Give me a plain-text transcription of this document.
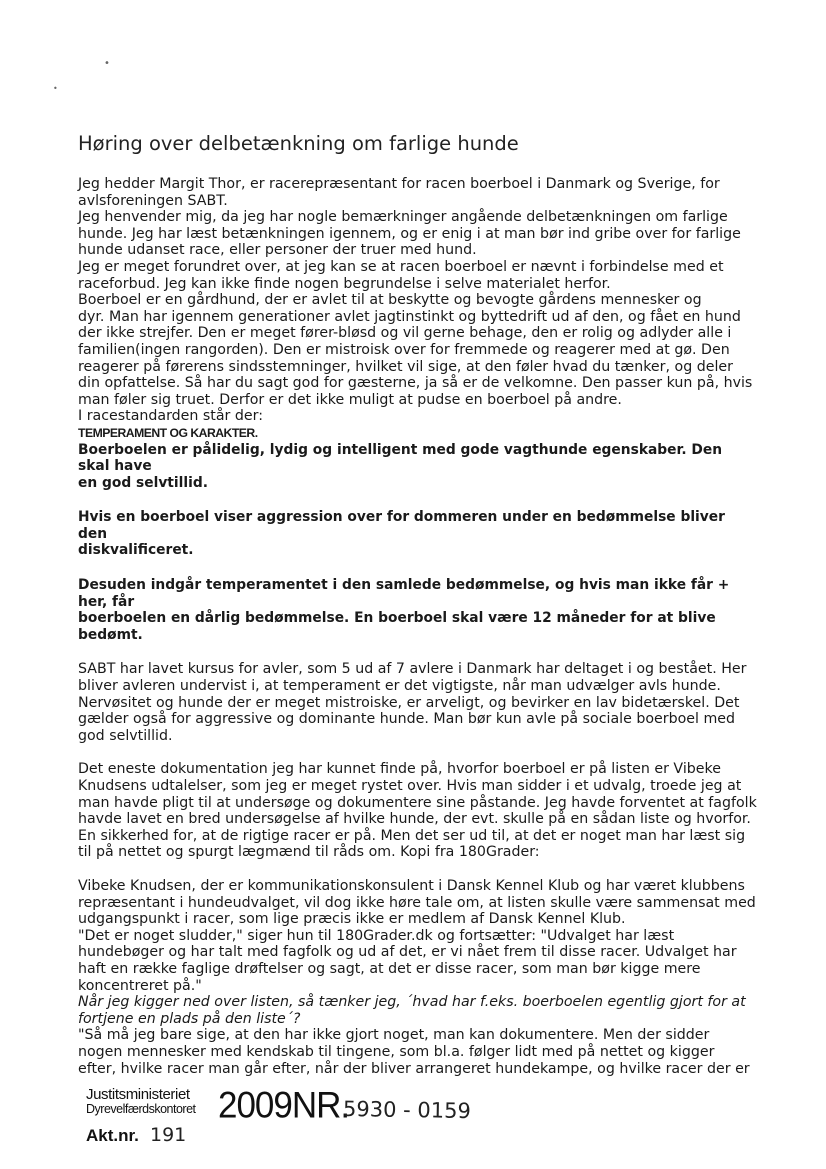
•
•
Høring over delbetænkning om farlige hunde

Jeg hedder Margit Thor, er racerepræsentant for racen boerboel i Danmark og Sverige, for

avlsforeningen SABT.

Jeg henvender mig, da jeg har nogle bemærkninger angående delbetænkningen om farlige

hunde. Jeg har læst betænkningen igennem, og er enig i at man bør ind gribe over for farlige

hunde udanset race, eller personer der truer med hund.

Jeg er meget forundret over, at jeg kan se at racen boerboel er nævnt i forbindelse med et

raceforbud. Jeg kan ikke finde nogen begrundelse i selve materialet herfor.

Boerboel er en gårdhund, der er avlet til at beskytte og bevogte gårdens mennesker og

dyr. Man har igennem generationer avlet jagtinstinkt og byttedrift ud af den, og fået en hund

der ikke strejfer. Den er meget fører-bløsd og vil gerne behage, den er rolig og adlyder alle i

familien(ingen rangorden). Den er mistroisk over for fremmede og reagerer med at gø. Den

reagerer på førerens sindsstemninger, hvilket vil sige, at den føler hvad du tænker, og deler

din opfattelse. Så har du sagt god for gæsterne, ja så er de velkomne. Den passer kun på, hvis

man føler sig truet. Derfor er det ikke muligt at pudse en boerboel på andre.

I racestandarden står der:

TEMPERAMENT OG KARAKTER.

Boerboelen er pålidelig, lydig og intelligent med gode vagthunde egenskaber. Den skal have

en god selvtillid.

Hvis en boerboel viser aggression over for dommeren under en bedømmelse bliver den

diskvalificeret.

Desuden indgår temperamentet i den samlede bedømmelse, og hvis man ikke får + her, får

boerboelen en dårlig bedømmelse. En boerboel skal være 12 måneder for at blive bedømt.

SABT har lavet kursus for avler, som 5 ud af 7 avlere i Danmark har deltaget i og bestået. Her

bliver avleren undervist i, at temperament er det vigtigste, når man udvælger avls hunde.

Nervøsitet og hunde der er meget mistroiske, er arveligt, og bevirker en lav bidetærskel. Det

gælder også for aggressive og dominante hunde. Man bør kun avle på sociale boerboel med

god selvtillid.

Det eneste dokumentation jeg har kunnet finde på, hvorfor boerboel er på listen er Vibeke

Knudsens udtalelser, som jeg er meget rystet over. Hvis man sidder i et udvalg, troede jeg at

man havde pligt til at undersøge og dokumentere sine påstande. Jeg havde forventet at fagfolk

havde lavet en bred undersøgelse af hvilke hunde, der evt. skulle på en sådan liste og hvorfor.

En sikkerhed for, at de rigtige racer er på. Men det ser ud til, at det er noget man har læst sig

til på nettet og spurgt lægmænd til råds om. Kopi fra 180Grader:

Vibeke Knudsen, der er kommunikationskonsulent i Dansk Kennel Klub og har været klubbens

repræsentant i hundeudvalget, vil dog ikke høre tale om, at listen skulle være sammensat med

udgangspunkt i racer, som lige præcis ikke er medlem af Dansk Kennel Klub.

"Det er noget sludder," siger hun til 180Grader.dk og fortsætter: "Udvalget har læst

hundebøger og har talt med fagfolk og ud af det, er vi nået frem til disse racer. Udvalget har

haft en række faglige drøftelser og sagt, at det er disse racer, som man bør kigge mere

koncentreret på."

Når jeg kigger ned over listen, så tænker jeg, ´hvad har f.eks. boerboelen egentlig gjort for at

fortjene en plads på den liste´?

"Så må jeg bare sige, at den har ikke gjort noget, man kan dokumentere. Men der sidder

nogen mennesker med kendskab til tingene, som bl.a. følger lidt med på nettet og kigger

efter, hvilke racer man går efter, når der bliver arrangeret hundekampe, og hvilke racer der er

Justitsministeriet
Dyrevelfærdskontoret 2009NR.
Akt.nr.
5930 - 0159
191
